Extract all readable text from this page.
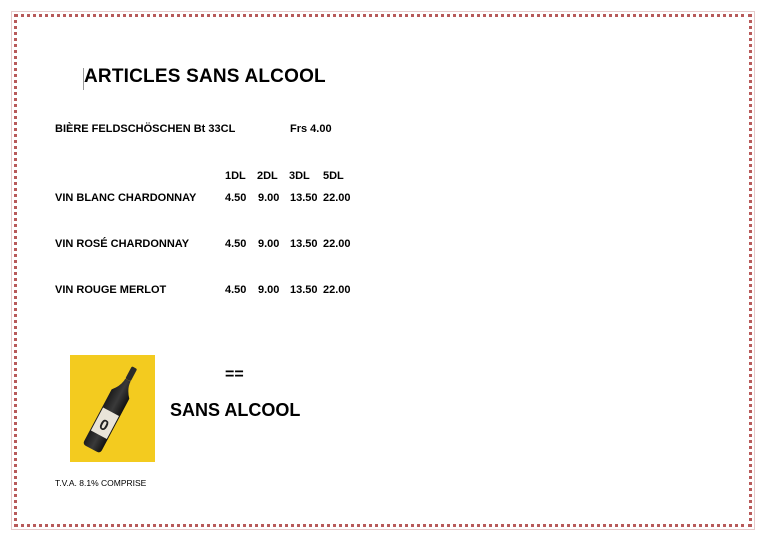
ARTICLES SANS ALCOOL
BIÈRE FELDSCHÖSCHEN Bt 33CL	Frs 4.00
1DL 2DL 3DL 5DL
VIN BLANC CHARDONNAY	4.50 9.00 13.50 22.00
VIN ROSÉ CHARDONNAY	4.50 9.00 13.50 22.00
VIN ROUGE MERLOT	4.50 9.00 13.50 22.00
0
==
SANS ALCOOL
T.V.A. 8.1% COMPRISE
